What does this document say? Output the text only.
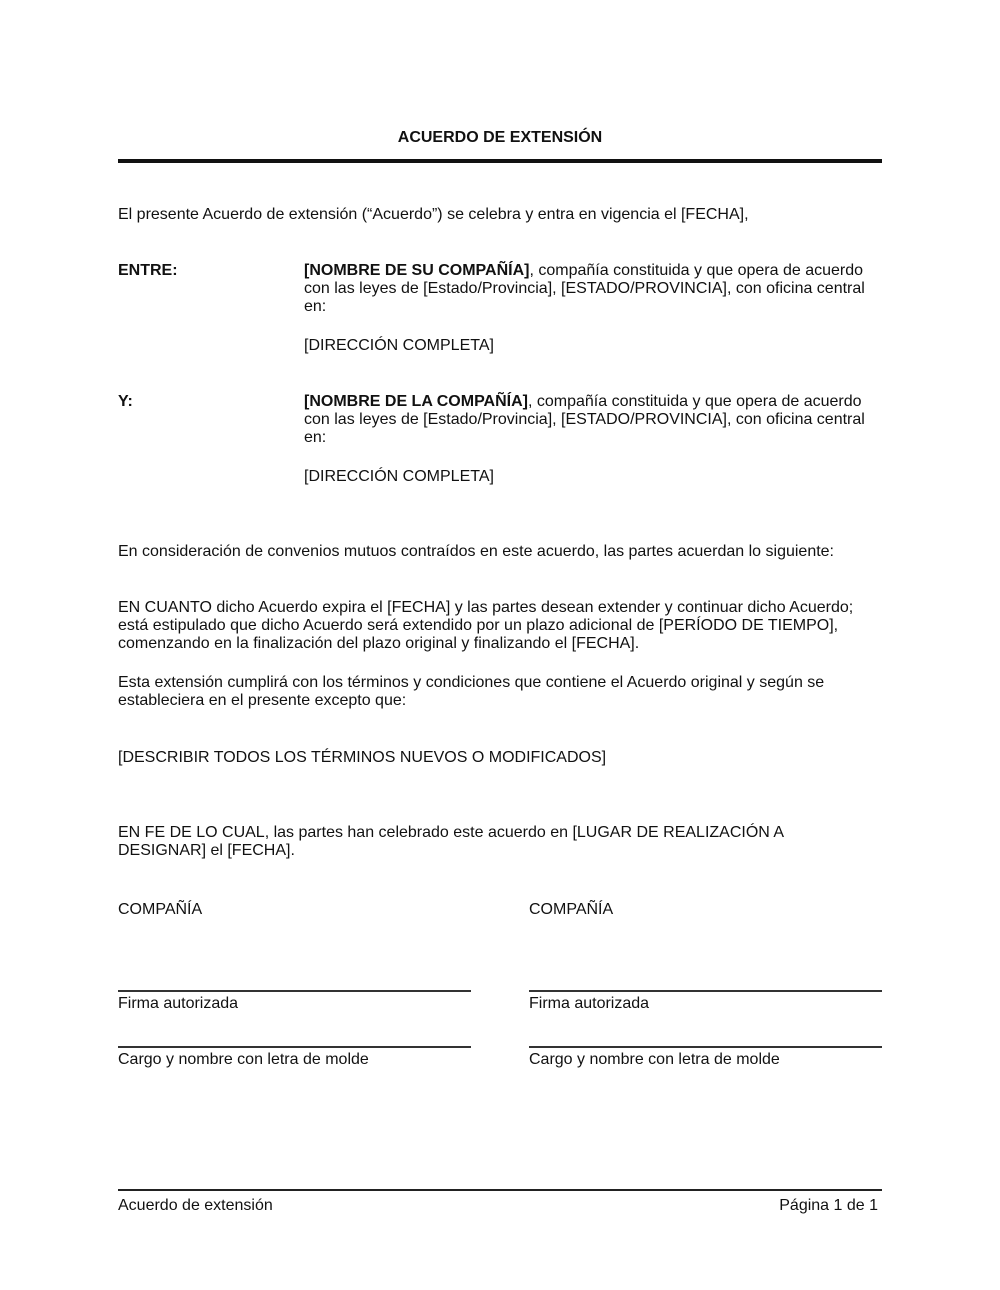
ACUERDO DE EXTENSIÓN
El presente Acuerdo de extensión (“Acuerdo”) se celebra y entra en vigencia el [FECHA],
ENTRE:	[NOMBRE DE SU COMPAÑÍA], compañía constituida y que opera de acuerdo
con las leyes de [Estado/Provincia], [ESTADO/PROVINCIA], con oficina central
en:
[DIRECCIÓN COMPLETA]
Y:	[NOMBRE DE LA COMPAÑÍA], compañía constituida y que opera de acuerdo
con las leyes de [Estado/Provincia], [ESTADO/PROVINCIA], con oficina central
en:
[DIRECCIÓN COMPLETA]
En consideración de convenios mutuos contraídos en este acuerdo, las partes acuerdan lo siguiente:
EN CUANTO dicho Acuerdo expira el [FECHA] y las partes desean extender y continuar dicho Acuerdo;
está estipulado que dicho Acuerdo será extendido por un plazo adicional de [PERÍODO DE TIEMPO],
comenzando en la finalización del plazo original y finalizando el [FECHA].
Esta extensión cumplirá con los términos y condiciones que contiene el Acuerdo original y según se
estableciera en el presente excepto que:
[DESCRIBIR TODOS LOS TÉRMINOS NUEVOS O MODIFICADOS]
EN FE DE LO CUAL, las partes han celebrado este acuerdo en [LUGAR DE REALIZACIÓN A
DESIGNAR] el [FECHA].
COMPAÑÍA
Firma autorizada
Cargo y nombre con letra de molde
COMPAÑÍA
Firma autorizada
Cargo y nombre con letra de molde
Acuerdo de extensión	Página 1 de 1
